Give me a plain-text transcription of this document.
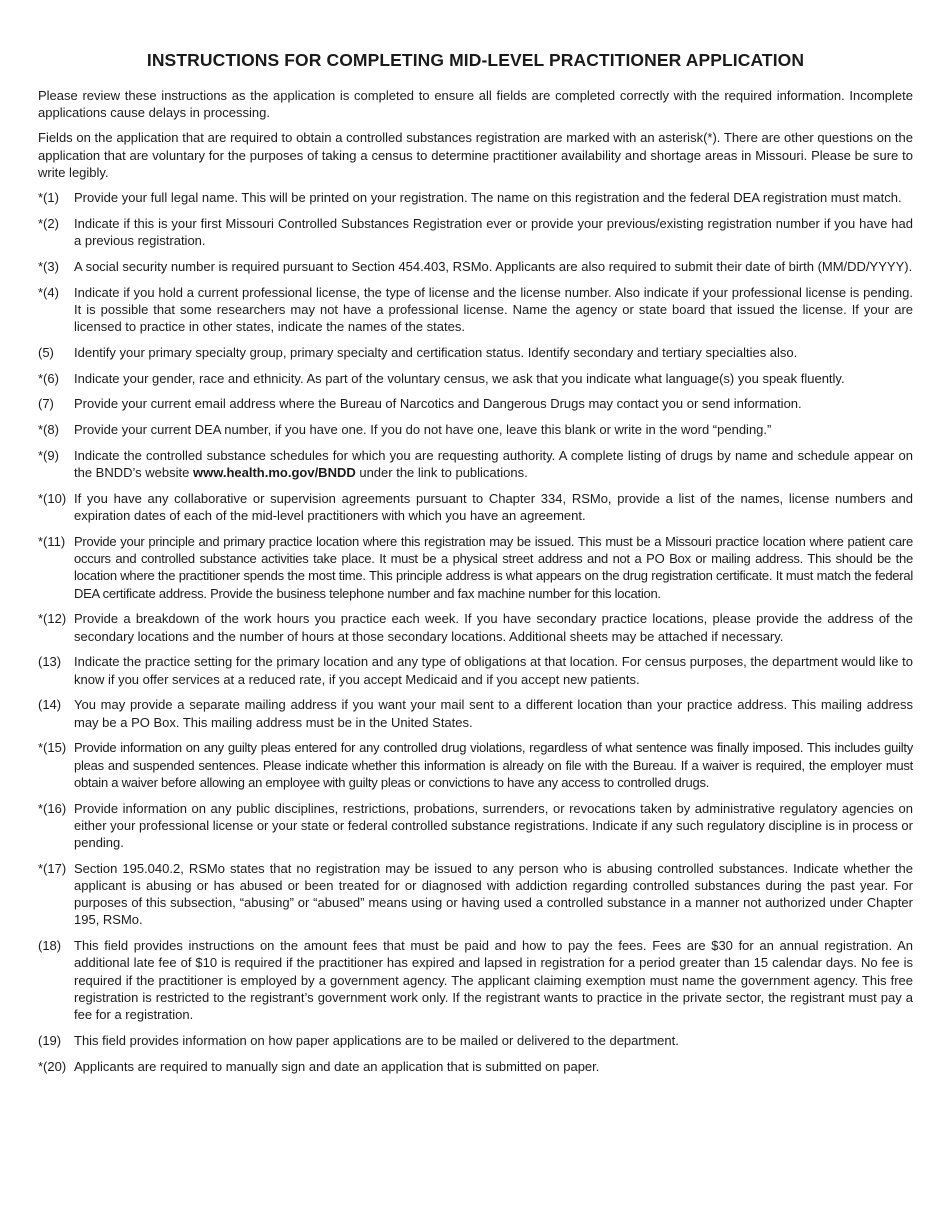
INSTRUCTIONS FOR COMPLETING MID-LEVEL PRACTITIONER APPLICATION

Please review these instructions as the application is completed to ensure all fields are completed correctly with the required information. Incomplete applications cause delays in processing.

Fields on the application that are required to obtain a controlled substances registration are marked with an asterisk(*). There are other questions on the application that are voluntary for the purposes of taking a census to determine practitioner availability and shortage areas in Missouri. Please be sure to write legibly.

*(1)	Provide your full legal name. This will be printed on your registration. The name on this registration and the federal DEA registration must match.
*(2)	Indicate if this is your first Missouri Controlled Substances Registration ever or provide your previous/existing registration number if you have had a previous registration.
*(3)	A social security number is required pursuant to Section 454.403, RSMo. Applicants are also required to submit their date of birth (MM/DD/YYYY).
*(4)	Indicate if you hold a current professional license, the type of license and the license number. Also indicate if your professional license is pending. It is possible that some researchers may not have a professional license. Name the agency or state board that issued the license. If your are licensed to practice in other states, indicate the names of the states.
(5)	Identify your primary specialty group, primary specialty and certification status. Identify secondary and tertiary specialties also.
*(6)	Indicate your gender, race and ethnicity. As part of the voluntary census, we ask that you indicate what language(s) you speak fluently.
(7)	Provide your current email address where the Bureau of Narcotics and Dangerous Drugs may contact you or send information.
*(8)	Provide your current DEA number, if you have one. If you do not have one, leave this blank or write in the word “pending.”
*(9)	Indicate the controlled substance schedules for which you are requesting authority. A complete listing of drugs by name and schedule appear on the BNDD’s website www.health.mo.gov/BNDD under the link to publications.
*(10) If you have any collaborative or supervision agreements pursuant to Chapter 334, RSMo, provide a list of the names, license numbers and expiration dates of each of the mid-level practitioners with which you have an agreement.
*(11) Provide your principle and primary practice location where this registration may be issued. This must be a Missouri practice location where patient care occurs and controlled substance activities take place. It must be a physical street address and not a PO Box or mailing address. This should be the location where the practitioner spends the most time. This principle address is what appears on the drug registration certificate. It must match the federal DEA certificate address. Provide the business telephone number and fax machine number for this location.
*(12) Provide a breakdown of the work hours you practice each week. If you have secondary practice locations, please provide the address of the secondary locations and the number of hours at those secondary locations. Additional sheets may be attached if necessary.
(13) Indicate the practice setting for the primary location and any type of obligations at that location. For census purposes, the department would like to know if you offer services at a reduced rate, if you accept Medicaid and if you accept new patients.
(14) You may provide a separate mailing address if you want your mail sent to a different location than your practice address. This mailing address may be a PO Box. This mailing address must be in the United States.
*(15) Provide information on any guilty pleas entered for any controlled drug violations, regardless of what sentence was finally imposed. This includes guilty pleas and suspended sentences. Please indicate whether this information is already on file with the Bureau. If a waiver is required, the employer must obtain a waiver before allowing an employee with guilty pleas or convictions to have any access to controlled drugs.
*(16) Provide information on any public disciplines, restrictions, probations, surrenders, or revocations taken by administrative regulatory agencies on either your professional license or your state or federal controlled substance registrations. Indicate if any such regulatory discipline is in process or pending.
*(17) Section 195.040.2, RSMo states that no registration may be issued to any person who is abusing controlled substances. Indicate whether the applicant is abusing or has abused or been treated for or diagnosed with addiction regarding controlled substances during the past year. For purposes of this subsection, “abusing” or “abused” means using or having used a controlled substance in a manner not authorized under Chapter 195, RSMo.
(18) This field provides instructions on the amount fees that must be paid and how to pay the fees. Fees are $30 for an annual registration. An additional late fee of $10 is required if the practitioner has expired and lapsed in registration for a period greater than 15 calendar days. No fee is required if the practitioner is employed by a government agency. The applicant claiming exemption must name the government agency. This free registration is restricted to the registrant’s government work only. If the registrant wants to practice in the private sector, the registrant must pay a fee for a registration.
(19) This field provides information on how paper applications are to be mailed or delivered to the department.
*(20) Applicants are required to manually sign and date an application that is submitted on paper.
